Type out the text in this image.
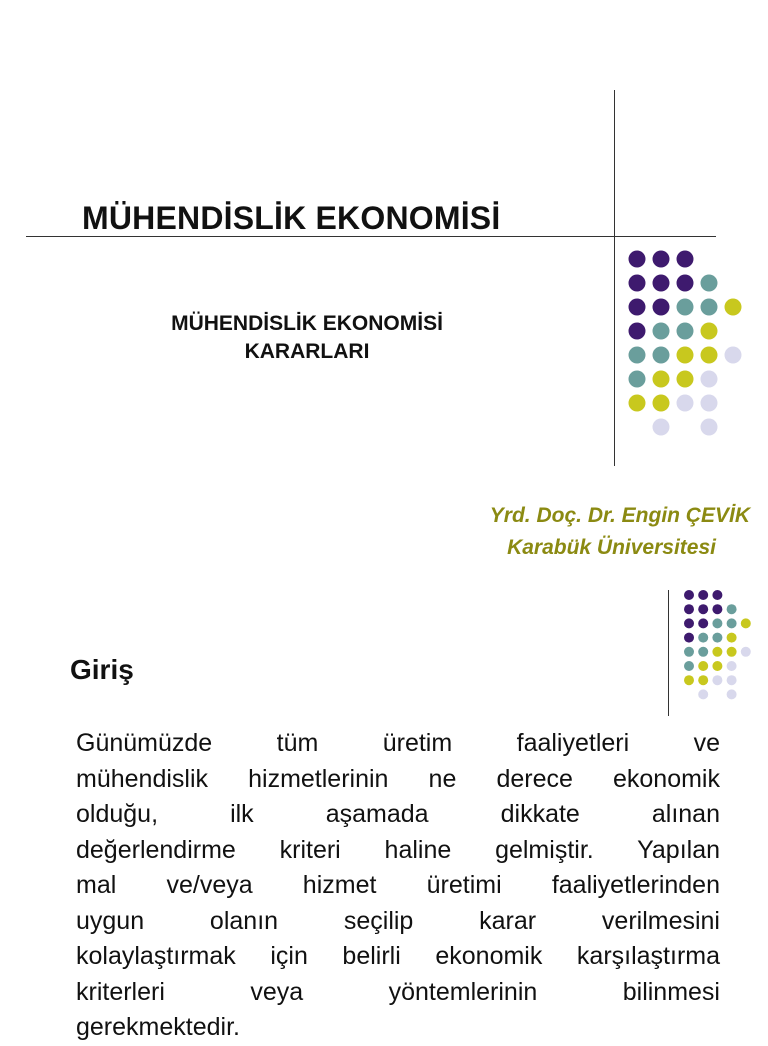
MÜHENDİSLİK EKONOMİSİ
MÜHENDİSLİK EKONOMİSİ
KARARLARI
Yrd. Doç. Dr. Engin ÇEVİK
Karabük Üniversitesi
Giriş
Günümüzde tüm üretim faaliyetleri ve
mühendislik hizmetlerinin ne derece ekonomik
olduğu, ilk aşamada dikkate alınan
değerlendirme kriteri haline gelmiştir. Yapılan
mal ve/veya hizmet üretimi faaliyetlerinden
uygun olanın seçilip karar verilmesini
kolaylaştırmak için belirli ekonomik karşılaştırma
kriterleri veya yöntemlerinin bilinmesi
gerekmektedir.
